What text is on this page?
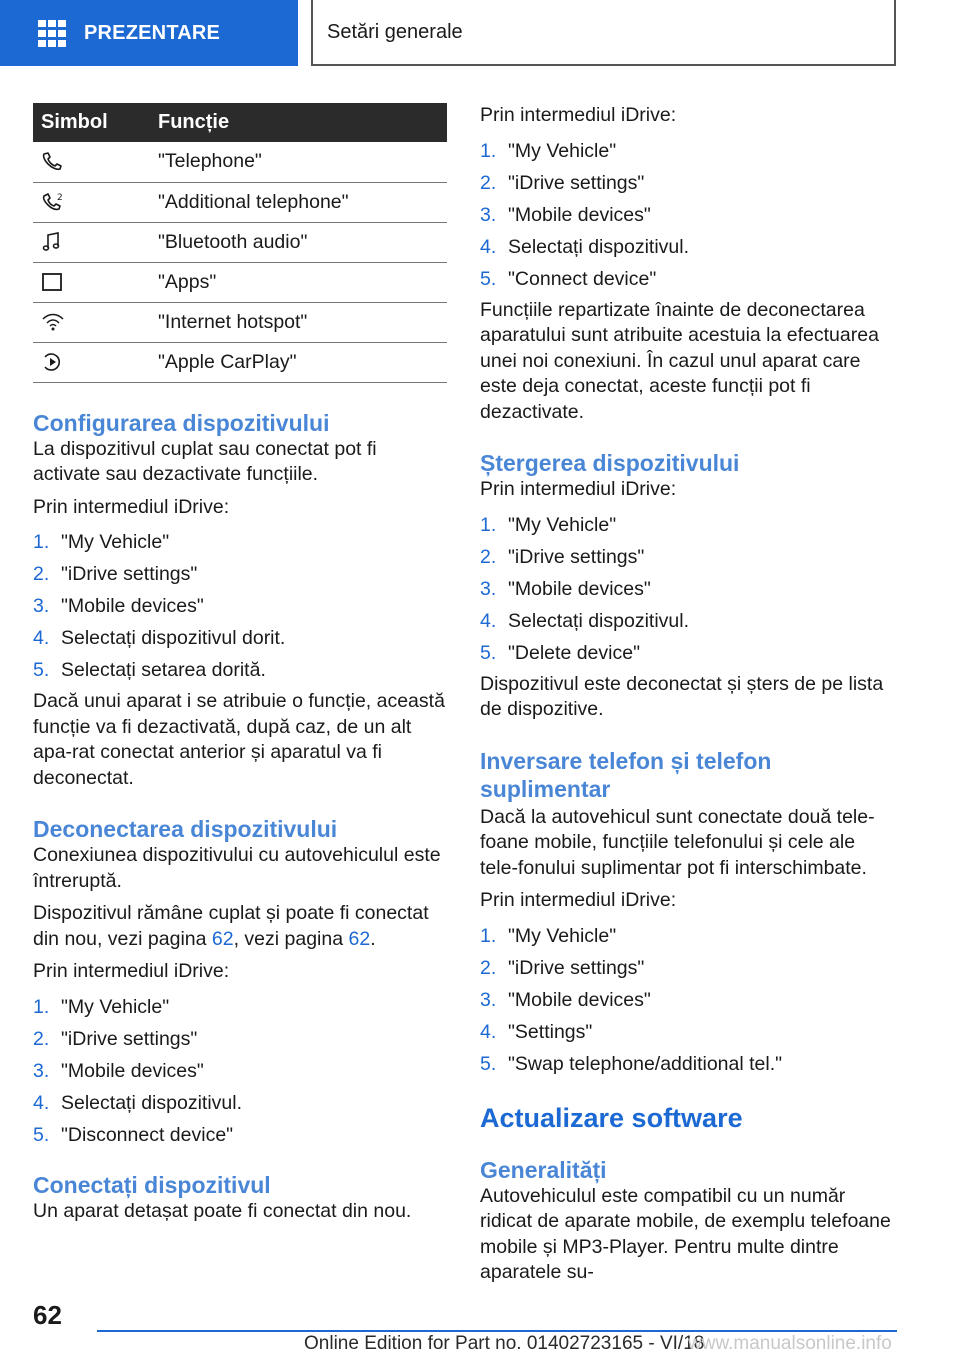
PREZENTARE	Setări generale
Simbol	Funcție

	"Telephone"

2	"Additional telephone"

	"Bluetooth audio"

	"Apps"

	"Internet hotspot"

	"Apple CarPlay"
Configurarea dispozitivului

La dispozitivul cuplat sau conectat pot fi activate sau dezactivate funcțiile.

Prin intermediul iDrive:

1. "My Vehicle"
2. "iDrive settings"
3. "Mobile devices"
4. Selectați dispozitivul dorit.
5. Selectați setarea dorită.

Dacă unui aparat i se atribuie o funcție, această funcție va fi dezactivată, după caz, de un alt apa-rat conectat anterior și aparatul va fi deconectat.

Deconectarea dispozitivului

Conexiunea dispozitivului cu autovehiculul este întreruptă.

Dispozitivul rămâne cuplat și poate fi conectat din nou, vezi pagina 62, vezi pagina 62.

Prin intermediul iDrive:

1. "My Vehicle"
2. "iDrive settings"
3. "Mobile devices"
4. Selectați dispozitivul.
5. "Disconnect device"
Conectați dispozitivul

Un aparat detașat poate fi conectat din nou.

Prin intermediul iDrive:

1. "My Vehicle"
2. "iDrive settings"
3. "Mobile devices"
4. Selectați dispozitivul.
5. "Connect device"

Funcțiile repartizate înainte de deconectarea aparatului sunt atribuite acestuia la efectuarea unei noi conexiuni. În cazul unul aparat care este deja conectat, aceste funcții pot fi dezactivate.

Ștergerea dispozitivului

Prin intermediul iDrive:

1. "My Vehicle"
2. "iDrive settings"
3. "Mobile devices"
4. Selectați dispozitivul.
5. "Delete device"

Dispozitivul este deconectat și șters de pe lista de dispozitive.

Inversare telefon și telefon suplimentar

Dacă la autovehicul sunt conectate două tele-foane mobile, funcțiile telefonului și cele ale tele-fonului suplimentar pot fi interschimbate.

Prin intermediul iDrive:

1. "My Vehicle"
2. "iDrive settings"
3. "Mobile devices"
4. "Settings"
5. "Swap telephone/additional tel."
Actualizare software
Generalități

Autovehiculul este compatibil cu un număr ridicat de aparate mobile, de exemplu telefoane mobile și MP3-Player. Pentru multe dintre aparatele su-

62
Online Edition for Part no. 01402723165 - VI/18
www.manualsonline.info
